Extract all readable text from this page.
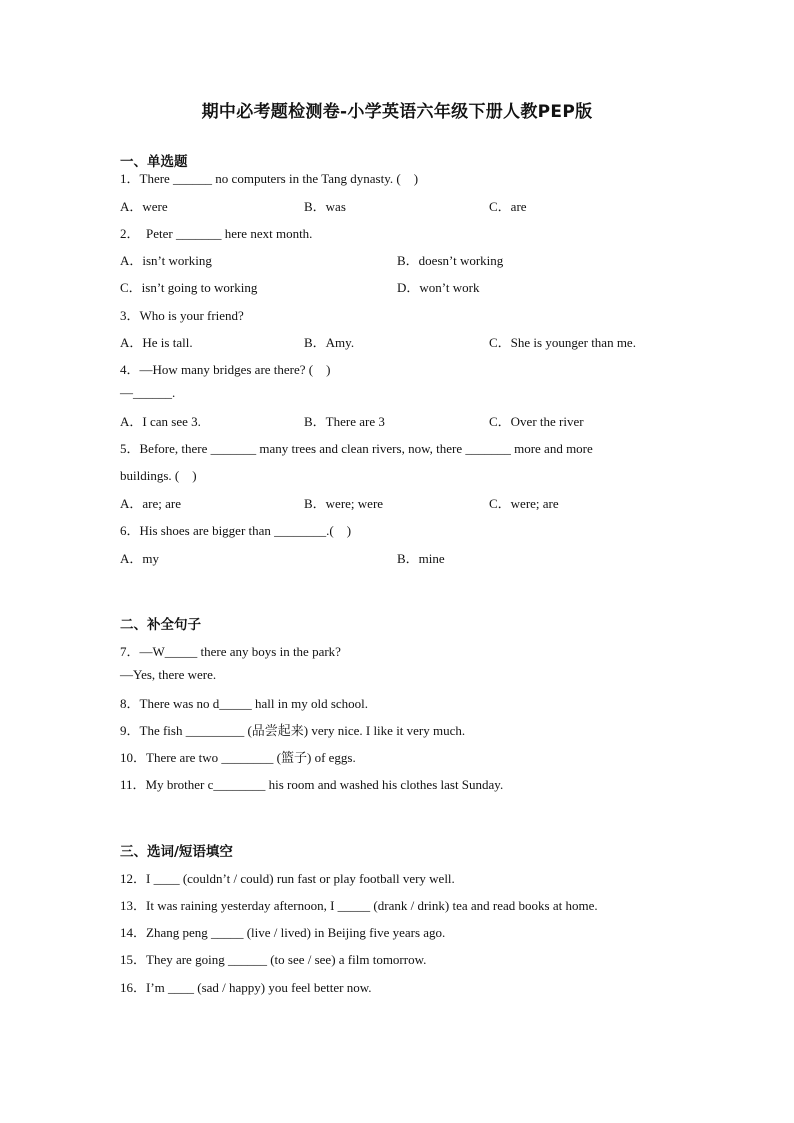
期中必考题检测卷-小学英语六年级下册人教PEP版
一、单选题
1．There ______ no computers in the Tang dynasty. (　)
A．were	B．was	C．are
2．　Peter _______ here next month.
A．isn’t working	B．doesn’t working
C．isn’t going to working	D．won’t work
3．Who is your friend?
A．He is tall.	B．Amy.	C．She is younger than me.
4．—How many bridges are there? (　)
—______.
A．I can see 3.	B．There are 3	C．Over the river
5．Before, there _______ many trees and clean rivers, now, there _______ more and more
buildings. (　)
A．are; are	B．were; were	C．were; are
6．His shoes are bigger than ________.(　)
A．my	B．mine
二、补全句子
7．—W_____ there any boys in the park?
—Yes, there were.
8．There was no d_____ hall in my old school.
9．The fish _________ (品尝起来) very nice. I like it very much.
10．There are two ________ (篮子) of eggs.
11．My brother c________ his room and washed his clothes last Sunday.
三、选词/短语填空
12．I ____ (couldn’t / could) run fast or play football very well.
13．It was raining yesterday afternoon, I _____ (drank / drink) tea and read books at home.
14．Zhang peng _____ (live / lived) in Beijing five years ago.
15．They are going ______ (to see / see) a film tomorrow.
16．I’m ____ (sad / happy) you feel better now.
